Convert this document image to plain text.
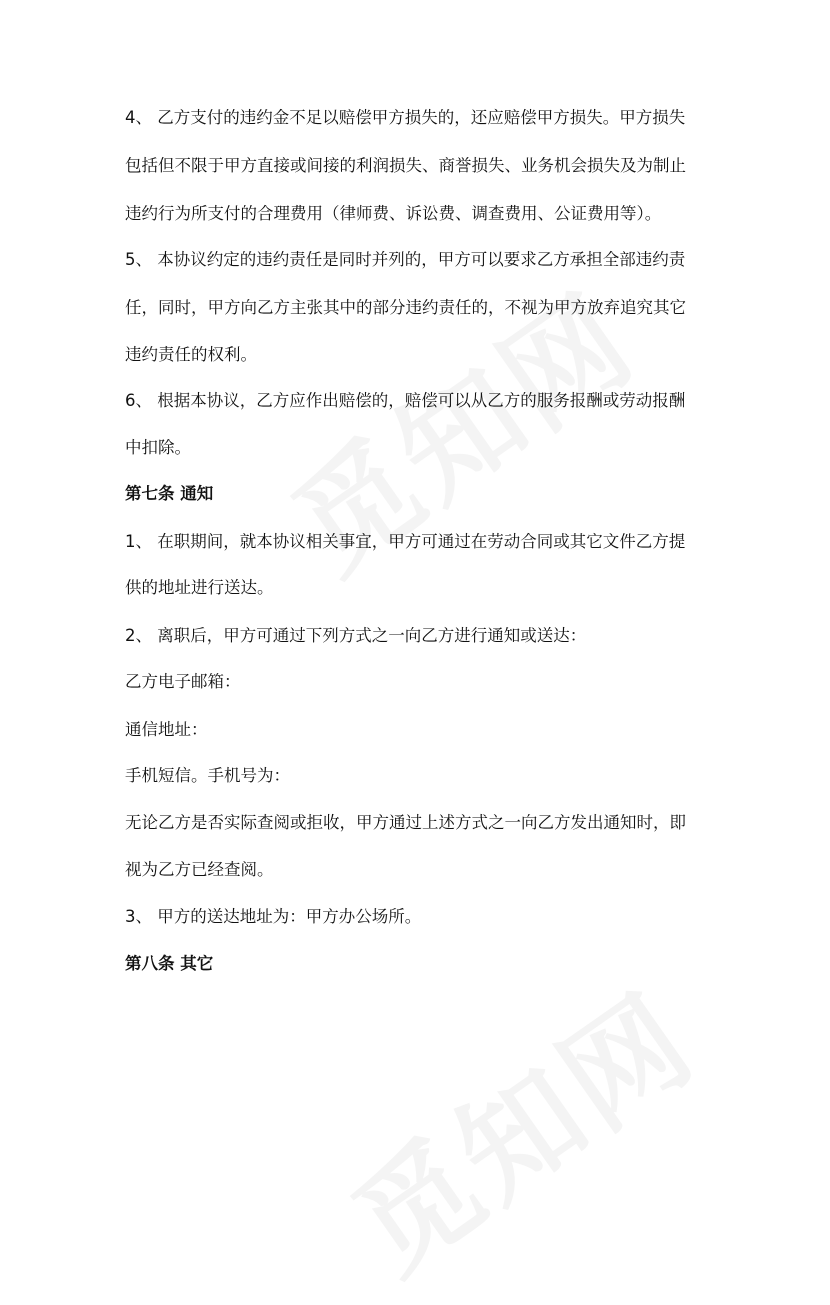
4、 乙方支付的违约金不足以赔偿甲方损失的，还应赔偿甲方损失。甲方损失
包括但不限于甲方直接或间接的利润损失、商誉损失、业务机会损失及为制止
违约行为所支付的合理费用（律师费、诉讼费、调查费用、公证费用等）。
5、 本协议约定的违约责任是同时并列的，甲方可以要求乙方承担全部违约责
任，同时，甲方向乙方主张其中的部分违约责任的，不视为甲方放弃追究其它
违约责任的权利。
6、 根据本协议，乙方应作出赔偿的，赔偿可以从乙方的服务报酬或劳动报酬
中扣除。
第七条 通知
1、 在职期间，就本协议相关事宜，甲方可通过在劳动合同或其它文件乙方提
供的地址进行送达。
2、 离职后，甲方可通过下列方式之一向乙方进行通知或送达：
乙方电子邮箱：
通信地址：
手机短信。手机号为：
无论乙方是否实际查阅或拒收，甲方通过上述方式之一向乙方发出通知时，即
视为乙方已经查阅。
3、 甲方的送达地址为：甲方办公场所。
第八条 其它
